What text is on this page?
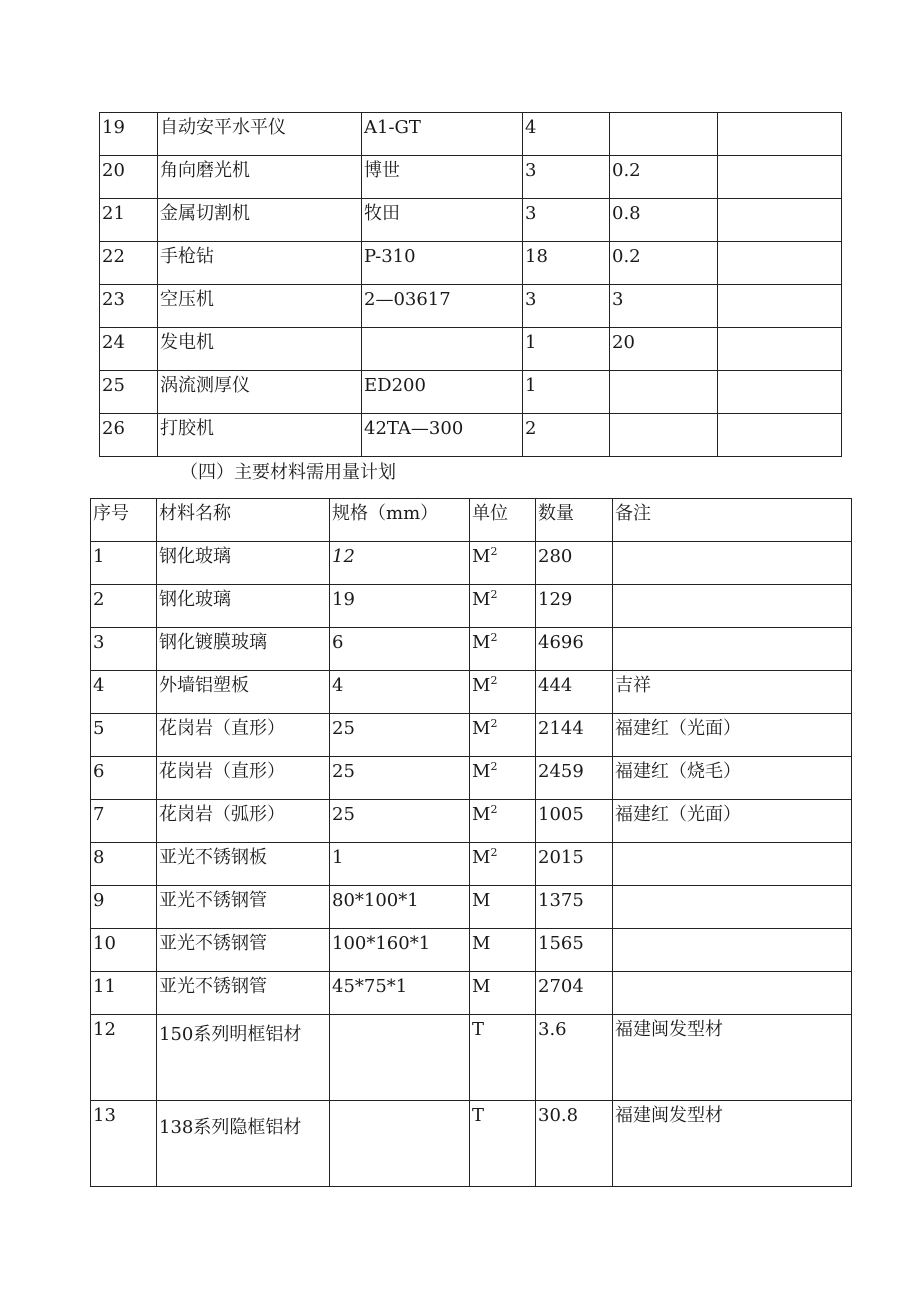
19	自动安平水平仪	A1-GT	4		
20	角向磨光机	博世	3	0.2	
21	金属切割机	牧田	3	0.8	
22	手枪钻	P-310	18	0.2	
23	空压机	2—03617	3	3	
24	发电机		1	20	
25	涡流测厚仪	ED200	1		
26	打胶机	42TA—300	2		
（四）主要材料需用量计划
序号	材料名称	规格（mm）	单位	数量	备注
1	钢化玻璃	12	$M^2$	280	
2	钢化玻璃	19	$M^2$	129	
3	钢化镀膜玻璃	6	$M^2$	4696	
4	外墙铝塑板	4	$M^2$	444	吉祥
5	花岗岩（直形）	25	$M^2$	2144	福建红（光面）
6	花岗岩（直形）	25	$M^2$	2459	福建红（烧毛）
7	花岗岩（弧形）	25	$M^2$	1005	福建红（光面）
8	亚光不锈钢板	1	$M^2$	2015	
9	亚光不锈钢管	80*100*1	M	1375	
10	亚光不锈钢管	100*160*1	M	1565	
11	亚光不锈钢管	45*75*1	M	2704	
12	150系列明框铝材		T	3.6	福建闽发型材
13	138系列隐框铝材		T	30.8	福建闽发型材
